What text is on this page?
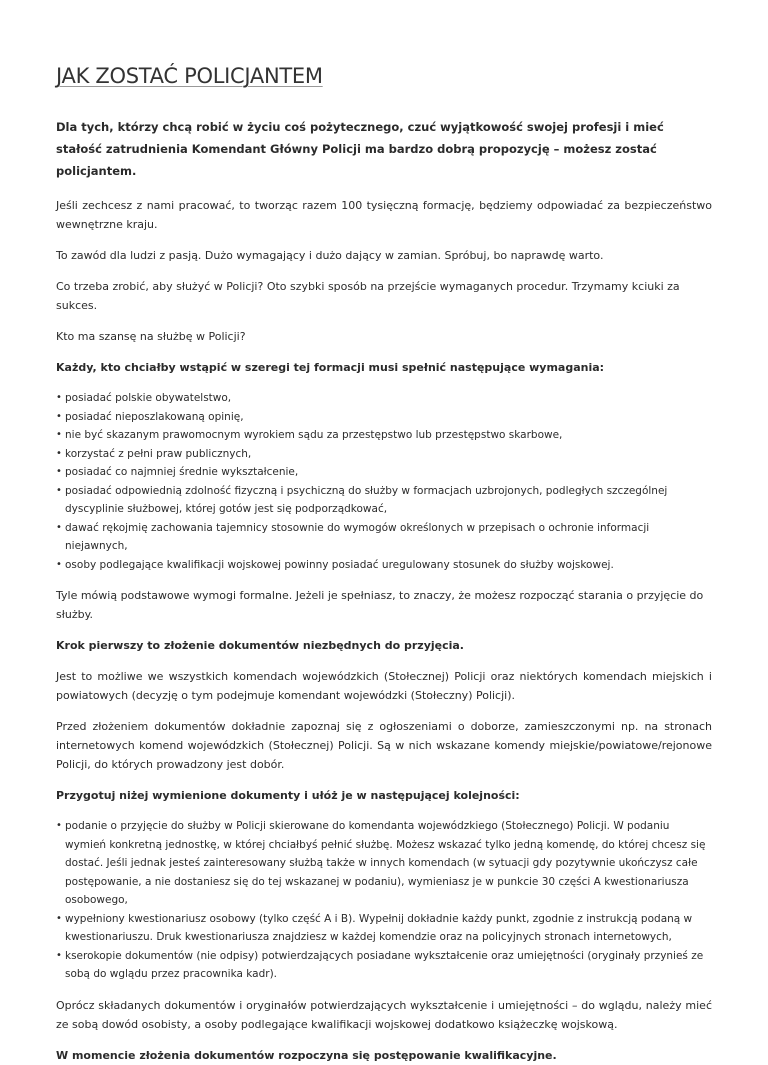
JAK ZOSTAĆ POLICJANTEM

Dla tych, którzy chcą robić w życiu coś pożytecznego, czuć wyjątkowość swojej profesji i mieć stałość zatrudnienia Komendant Główny Policji ma bardzo dobrą propozycję – możesz zostać policjantem.

Jeśli zechcesz z nami pracować, to tworząc razem 100 tysięczną formację, będziemy odpowiadać za bezpieczeństwo wewnętrzne kraju.

To zawód dla ludzi z pasją. Dużo wymagający i dużo dający w zamian. Spróbuj, bo naprawdę warto.

Co trzeba zrobić, aby służyć w Policji? Oto szybki sposób na przejście wymaganych procedur. Trzymamy kciuki za sukces.

Kto ma szansę na służbę w Policji?

Każdy, kto chciałby wstąpić w szeregi tej formacji musi spełnić następujące wymagania:

• posiadać polskie obywatelstwo,
• posiadać nieposzlakowaną opinię,
• nie być skazanym prawomocnym wyrokiem sądu za przestępstwo lub przestępstwo skarbowe,
• korzystać z pełni praw publicznych,
• posiadać co najmniej średnie wykształcenie,
• posiadać odpowiednią zdolność fizyczną i psychiczną do służby w formacjach uzbrojonych, podległych szczególnej dyscyplinie służbowej, której gotów jest się podporządkować,
• dawać rękojmię zachowania tajemnicy stosownie do wymogów określonych w przepisach o ochronie informacji niejawnych,
• osoby podlegające kwalifikacji wojskowej powinny posiadać uregulowany stosunek do służby wojskowej.

Tyle mówią podstawowe wymogi formalne. Jeżeli je spełniasz, to znaczy, że możesz rozpocząć starania o przyjęcie do służby.

Krok pierwszy to złożenie dokumentów niezbędnych do przyjęcia.

Jest to możliwe we wszystkich komendach wojewódzkich (Stołecznej) Policji oraz niektórych komendach miejskich i powiatowych (decyzję o tym podejmuje komendant wojewódzki (Stołeczny) Policji).

Przed złożeniem dokumentów dokładnie zapoznaj się z ogłoszeniami o doborze, zamieszczonymi np. na stronach internetowych komend wojewódzkich (Stołecznej) Policji. Są w nich wskazane komendy miejskie/powiatowe/rejonowe Policji, do których prowadzony jest dobór.

Przygotuj niżej wymienione dokumenty i ułóż je w następującej kolejności:

• podanie o przyjęcie do służby w Policji skierowane do komendanta wojewódzkiego (Stołecznego) Policji. W podaniu wymień konkretną jednostkę, w której chciałbyś pełnić służbę. Możesz wskazać tylko jedną komendę, do której chcesz się dostać. Jeśli jednak jesteś zainteresowany służbą także w innych komendach (w sytuacji gdy pozytywnie ukończysz całe postępowanie, a nie dostaniesz się do tej wskazanej w podaniu), wymieniasz je w punkcie 30 części A kwestionariusza osobowego,
• wypełniony kwestionariusz osobowy (tylko część A i B). Wypełnij dokładnie każdy punkt, zgodnie z instrukcją podaną w kwestionariuszu. Druk kwestionariusza znajdziesz w każdej komendzie oraz na policyjnych stronach internetowych,
• kserokopie dokumentów (nie odpisy) potwierdzających posiadane wykształcenie oraz umiejętności (oryginały przynieś ze sobą do wglądu przez pracownika kadr).

Oprócz składanych dokumentów i oryginałów potwierdzających wykształcenie i umiejętności – do wglądu, należy mieć ze sobą dowód osobisty, a osoby podlegające kwalifikacji wojskowej dodatkowo książeczkę wojskową.

W momencie złożenia dokumentów rozpoczyna się postępowanie kwalifikacyjne.
